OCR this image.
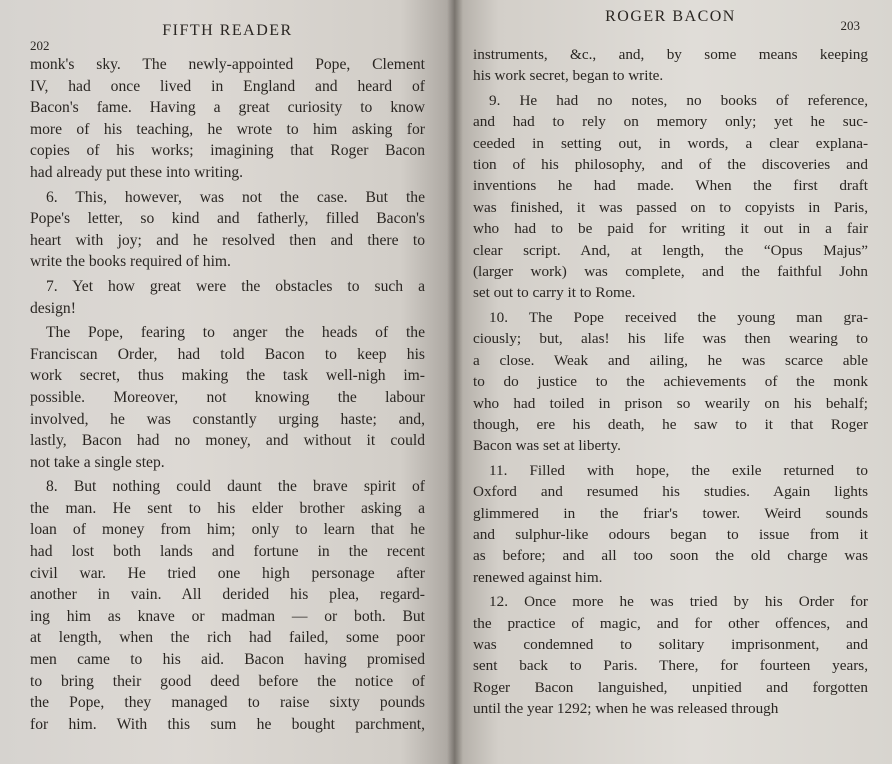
202
FIFTH READER
monk's sky. The newly-appointed Pope, Clement
IV, had once lived in England and heard of
Bacon's fame. Having a great curiosity to know
more of his teaching, he wrote to him asking for
copies of his works; imagining that Roger Bacon
had already put these into writing.
6. This, however, was not the case. But the
Pope's letter, so kind and fatherly, filled Bacon's
heart with joy; and he resolved then and there to
write the books required of him.
7. Yet how great were the obstacles to such a
design!
The Pope, fearing to anger the heads of the
Franciscan Order, had told Bacon to keep his
work secret, thus making the task well-nigh im-
possible. Moreover, not knowing the labour
involved, he was constantly urging haste; and,
lastly, Bacon had no money, and without it could
not take a single step.
8. But nothing could daunt the brave spirit of
the man. He sent to his elder brother asking a
loan of money from him; only to learn that he
had lost both lands and fortune in the recent
civil war. He tried one high personage after
another in vain. All derided his plea, regard-
ing him as knave or madman — or both. But
at length, when the rich had failed, some poor
men came to his aid. Bacon having promised
to bring their good deed before the notice of
the Pope, they managed to raise sixty pounds
for him. With this sum he bought parchment,
ROGER BACON
203
instruments, &c., and, by some means keeping
his work secret, began to write.
9. He had no notes, no books of reference,
and had to rely on memory only; yet he suc-
ceeded in setting out, in words, a clear explana-
tion of his philosophy, and of the discoveries and
inventions he had made. When the first draft
was finished, it was passed on to copyists in Paris,
who had to be paid for writing it out in a fair
clear script. And, at length, the “Opus Majus”
(larger work) was complete, and the faithful John
set out to carry it to Rome.
10. The Pope received the young man gra-
ciously; but, alas! his life was then wearing to
a close. Weak and ailing, he was scarce able
to do justice to the achievements of the monk
who had toiled in prison so wearily on his behalf;
though, ere his death, he saw to it that Roger
Bacon was set at liberty.
11. Filled with hope, the exile returned to
Oxford and resumed his studies. Again lights
glimmered in the friar's tower. Weird sounds
and sulphur-like odours began to issue from it
as before; and all too soon the old charge was
renewed against him.
12. Once more he was tried by his Order for
the practice of magic, and for other offences, and
was condemned to solitary imprisonment, and
sent back to Paris. There, for fourteen years,
Roger Bacon languished, unpitied and forgotten
until the year 1292; when he was released through
